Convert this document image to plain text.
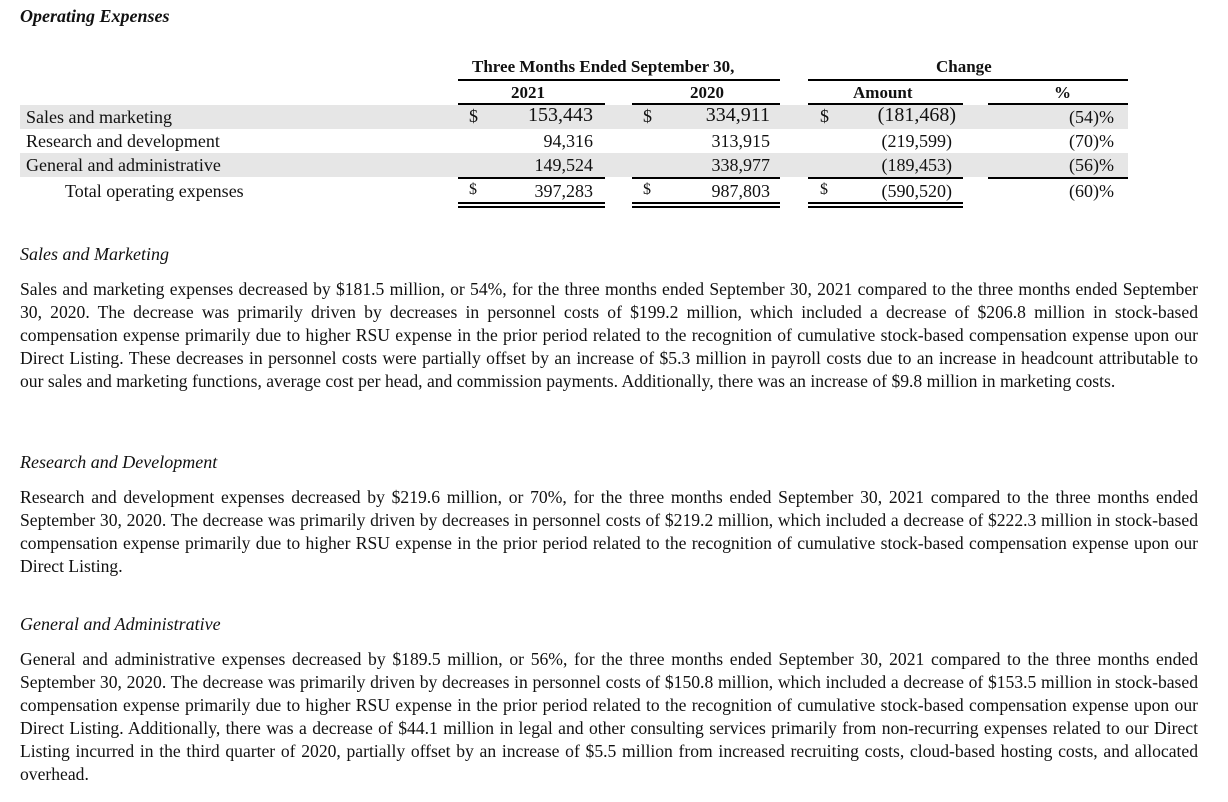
Operating Expenses
Three Months Ended September 30,	Change
2021	2020	Amount	%
Sales and marketing	$	153,443	$	334,911	$	(181,468)	(54)%
Research and development	94,316	313,915	(219,599)	(70)%
General and administrative	149,524	338,977	(189,453)	(56)%
Total operating expenses	$	397,283	$	987,803	$	(590,520)	(60)%
Sales and Marketing
Sales and marketing expenses decreased by $181.5 million, or 54%, for the three months ended September 30, 2021 compared to the three months ended September 30, 2020. The decrease was primarily driven by decreases in personnel costs of $199.2 million, which included a decrease of $206.8 million in stock-based compensation expense primarily due to higher RSU expense in the prior period related to the recognition of cumulative stock-based compensation expense upon our Direct Listing. These decreases in personnel costs were partially offset by an increase of $5.3 million in payroll costs due to an increase in headcount attributable to our sales and marketing functions, average cost per head, and commission payments. Additionally, there was an increase of $9.8 million in marketing costs.
Research and Development
Research and development expenses decreased by $219.6 million, or 70%, for the three months ended September 30, 2021 compared to the three months ended September 30, 2020. The decrease was primarily driven by decreases in personnel costs of $219.2 million, which included a decrease of $222.3 million in stock-based compensation expense primarily due to higher RSU expense in the prior period related to the recognition of cumulative stock-based compensation expense upon our Direct Listing.
General and Administrative
General and administrative expenses decreased by $189.5 million, or 56%, for the three months ended September 30, 2021 compared to the three months ended September 30, 2020. The decrease was primarily driven by decreases in personnel costs of $150.8 million, which included a decrease of $153.5 million in stock-based compensation expense primarily due to higher RSU expense in the prior period related to the recognition of cumulative stock-based compensation expense upon our Direct Listing. Additionally, there was a decrease of $44.1 million in legal and other consulting services primarily from non-recurring expenses related to our Direct Listing incurred in the third quarter of 2020, partially offset by an increase of $5.5 million from increased recruiting costs, cloud-based hosting costs, and allocated overhead.
